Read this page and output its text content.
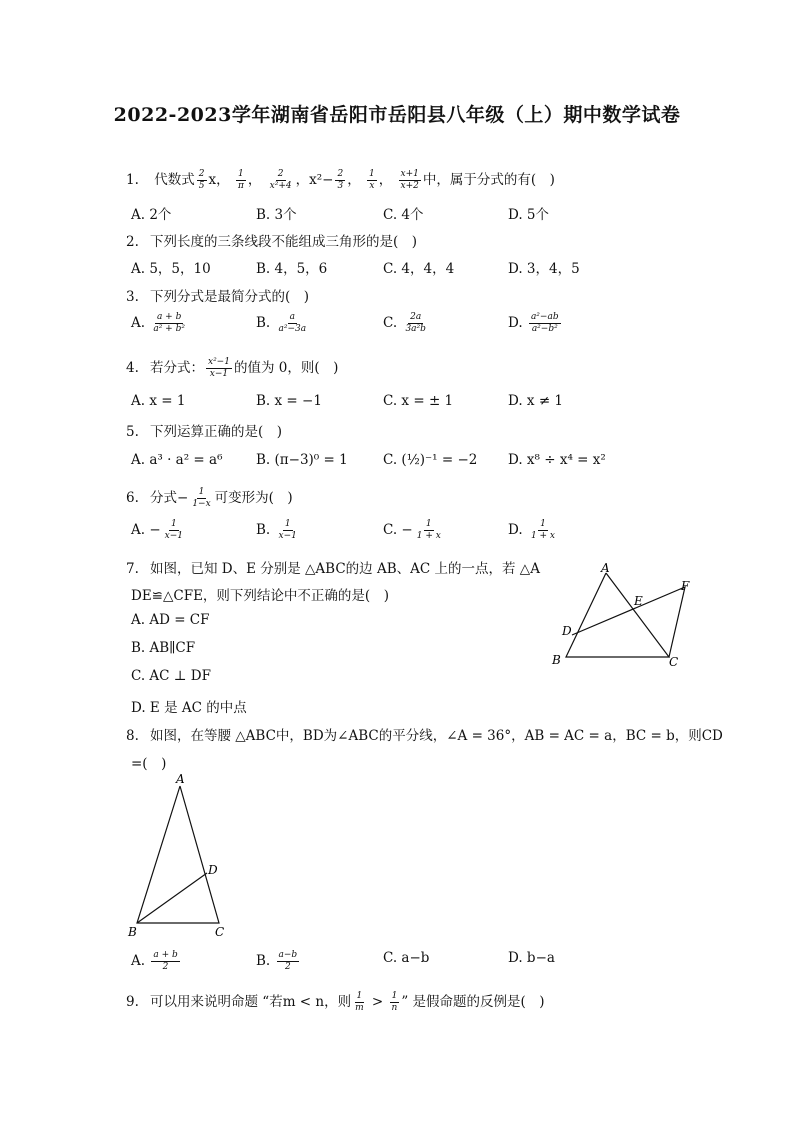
2022-2023学年湖南省岳阳市岳阳县八年级（上）期中数学试卷
1. 代数式 $\frac{2}{5}$ x， $\frac{1}{\pi}$ ， $\frac{2}{\text{x²+4}}$ ，$x^2- \frac{2}{3}$ ， $\frac{1}{x}$ ， $\frac{x+1}{x+2}$ 中，属于分式的有(　)
A. 2个	B. 3个	C. 4个	D. 5个
2. 下列长度的三条线段不能组成三角形的是(　)
A. 5，5，10	B. 4，5，6	C. 4，4，4	D. 3，4，5
3. 下列分式是最简分式的(　)
A. $\frac{a + b}{\text{a² + b²}}$	B. $\frac{a}{\text{a²−3a}}$	C. $\frac{2a}{\text{3a²b}}$	D. $\frac{\text{a²−ab}}{\text{a²−b²}}$
4. 若分式： $\frac{\text{x²−1}}{x-1}$ 的值为 0，则(　)
A. x = 1	B. x = −1	C. x = ± 1	D. x ≠ 1
5. 下列运算正确的是(　)
A. a³ · a² = a⁶ B. (π−3)⁰ = 1	C. (½)⁻¹ = −2 D. x⁸ ÷ x⁴ = x²
6. 分式− $\frac{1}{1-x}$ 可变形为(　)
A. − $\frac{1}{x-1}$	B. $\frac{1}{x-1}$	C. − $\frac{1}{1 + x}$	D. $\frac{1}{1 + x}$
7. 如图，已知 D、E 分别是 △ABC的边 AB、AC 上的一点，若 △A
DE≌△CFE，则下列结论中不正确的是(　)
A. AD = CF
B. AB∥CF
C. AC ⊥ DF
D. E 是 AC 的中点
A
B	C
D
E
F
8. 如图，在等腰 △ABC中，BD为∠ABC的平分线，∠A = 36°，AB = AC = a，BC = b，则CD
=(　)
A
B	C
D
A. $\frac{a + b}{2}$	B. $\frac{a-b}{2}$	C. a−b	D. b−a
9. 可以用来说明命题 “若m < n，则 $\frac{1}{m} > \frac{1}{n}$ ” 是假命题的反例是(　)
